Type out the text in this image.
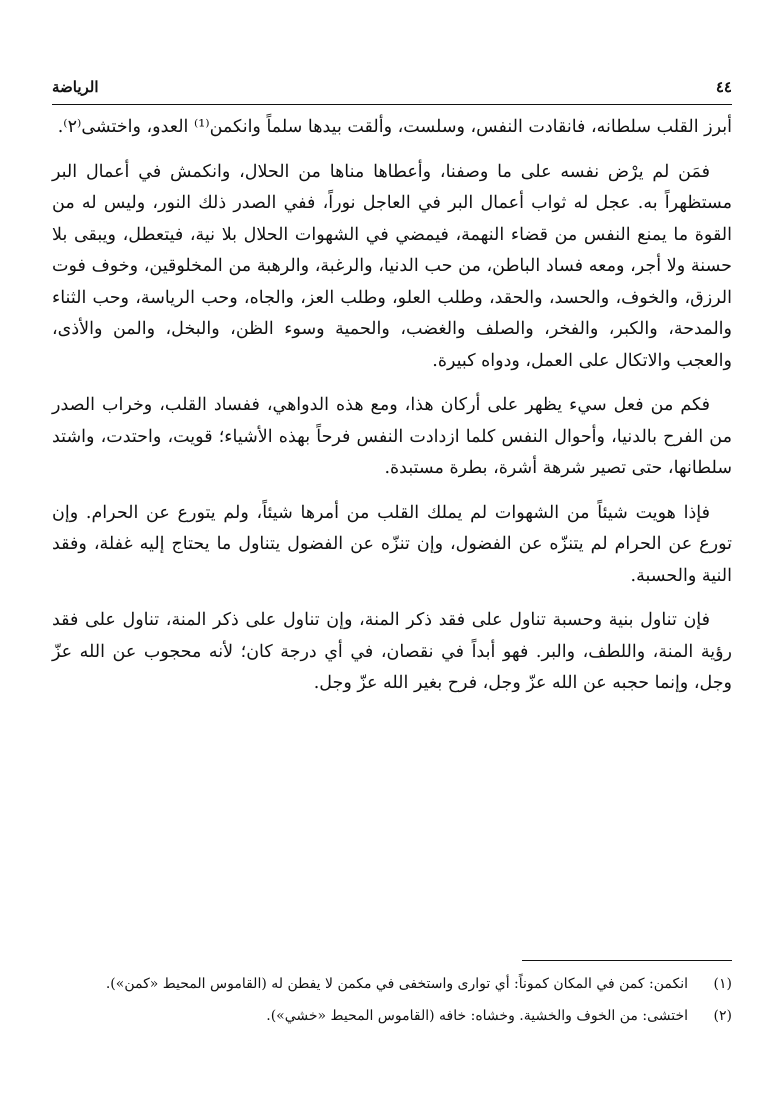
٤٤
الرياضة

أبرز القلب سلطانه، فانقادت النفس، وسلست، وألقت بيدها سلماً وانكمن⁽¹⁾ العدو، واختشى⁽٢⁾.

فمَن لم يرْض نفسه على ما وصفنا، وأعطاها مناها من الحلال، وانكمش في أعمال البر مستظهراً به. عجل له ثواب أعمال البر في العاجل نوراً، ففي الصدر ذلك النور، وليس له من القوة ما يمنع النفس من قضاء النهمة، فيمضي في الشهوات الحلال بلا نية، فيتعطل، ويبقى بلا حسنة ولا أجر، ومعه فساد الباطن، من حب الدنيا، والرغبة، والرهبة من المخلوقين، وخوف فوت الرزق، والخوف، والحسد، والحقد، وطلب العلو، وطلب العز، والجاه، وحب الرياسة، وحب الثناء والمدحة، والكبر، والفخر، والصلف والغضب، والحمية وسوء الظن، والبخل، والمن والأذى، والعجب والاتكال على العمل، ودواه كبيرة.

فكم من فعل سيء يظهر على أركان هذا، ومع هذه الدواهي، ففساد القلب، وخراب الصدر من الفرح بالدنيا، وأحوال النفس كلما ازدادت النفس فرحاً بهذه الأشياء؛ قويت، واحتدت، واشتد سلطانها، حتى تصير شرهة أشرة، بطرة مستبدة.

فإذا هويت شيئاً من الشهوات لم يملك القلب من أمرها شيئاً، ولم يتورع عن الحرام. وإن تورع عن الحرام لم يتنزّه عن الفضول، وإن تنزّه عن الفضول يتناول ما يحتاج إليه غفلة، وفقد النية والحسبة.

فإن تناول بنية وحسبة تناول على فقد ذكر المنة، وإن تناول على ذكر المنة، تناول على فقد رؤية المنة، واللطف، والبر. فهو أبداً في نقصان، في أي درجة كان؛ لأنه محجوب عن الله عزّ وجل، وإنما حجبه عن الله عزّ وجل، فرح بغير الله عزّ وجل.

(١)
انكمن: كمن في المكان كموناً: أي توارى واستخفى في مكمن لا يفطن له (القاموس المحيط «كمن»).
(٢)
اختشى: من الخوف والخشية. وخشاه: خافه (القاموس المحيط «خشي»).
